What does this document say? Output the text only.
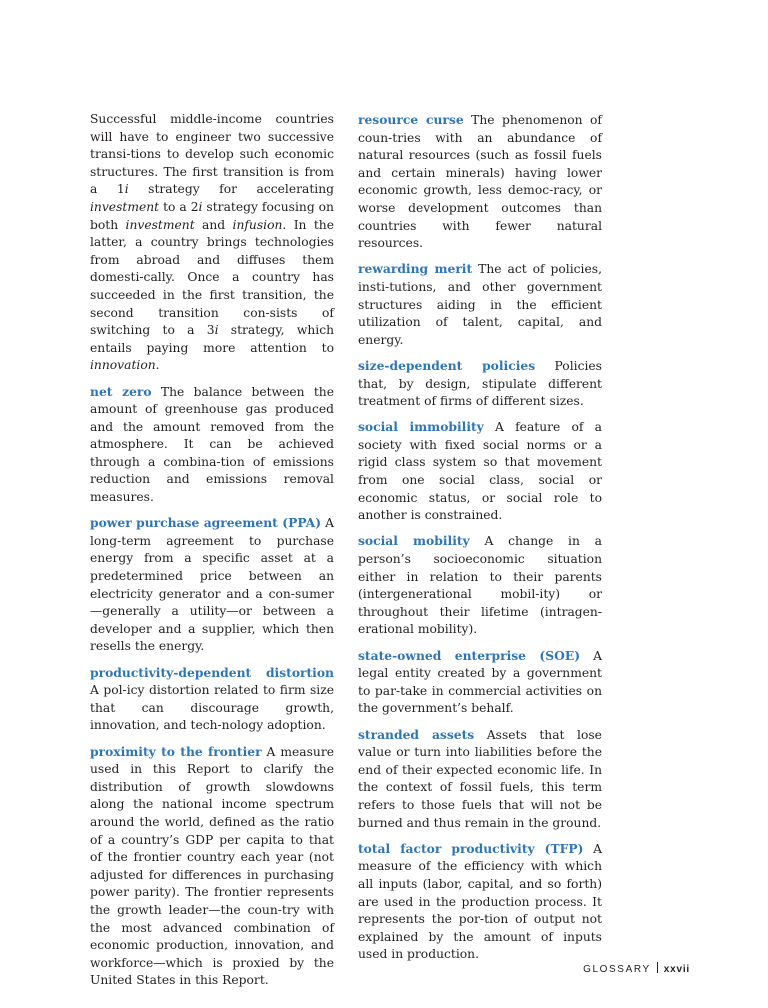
Successful middle-income countries will have to engineer two successive transi-tions to develop such economic structures. The first transition is from a 1i strategy for accelerating investment to a 2i strategy focusing on both investment and infusion. In the latter, a country brings technologies from abroad and diffuses them domesti-cally. Once a country has succeeded in the first transition, the second transition con-sists of switching to a 3i strategy, which entails paying more attention to innovation.

net zero The balance between the amount of greenhouse gas produced and the amount removed from the atmosphere. It can be achieved through a combina-tion of emissions reduction and emissions removal measures.

power purchase agreement (PPA) A long-term agreement to purchase energy from a specific asset at a predetermined price between an electricity generator and a con-sumer—generally a utility—or between a developer and a supplier, which then resells the energy.

productivity-dependent distortion A pol-icy distortion related to firm size that can discourage growth, innovation, and tech-nology adoption.

proximity to the frontier A measure used in this Report to clarify the distribution of growth slowdowns along the national income spectrum around the world, defined as the ratio of a country’s GDP per capita to that of the frontier country each year (not adjusted for differences in purchasing power parity). The frontier represents the growth leader—the coun-try with the most advanced combination of economic production, innovation, and workforce—which is proxied by the United States in this Report.

resource curse The phenomenon of coun-tries with an abundance of natural resources (such as fossil fuels and certain minerals) having lower economic growth, less democ-racy, or worse development outcomes than countries with fewer natural resources.

rewarding merit The act of policies, insti-tutions, and other government structures aiding in the efficient utilization of talent, capital, and energy.

size-dependent policies Policies that, by design, stipulate different treatment of firms of different sizes.

social immobility A feature of a society with fixed social norms or a rigid class system so that movement from one social class, social or economic status, or social role to another is constrained.

social mobility A change in a person’s socioeconomic situation either in relation to their parents (intergenerational mobil-ity) or throughout their lifetime (intragen-erational mobility).

state-owned enterprise (SOE) A legal entity created by a government to par-take in commercial activities on the government’s behalf.

stranded assets Assets that lose value or turn into liabilities before the end of their expected economic life. In the context of fossil fuels, this term refers to those fuels that will not be burned and thus remain in the ground.

total factor productivity (TFP) A measure of the efficiency with which all inputs (labor, capital, and so forth) are used in the production process. It represents the por-tion of output not explained by the amount of inputs used in production.

GLOSSARY xxvii
